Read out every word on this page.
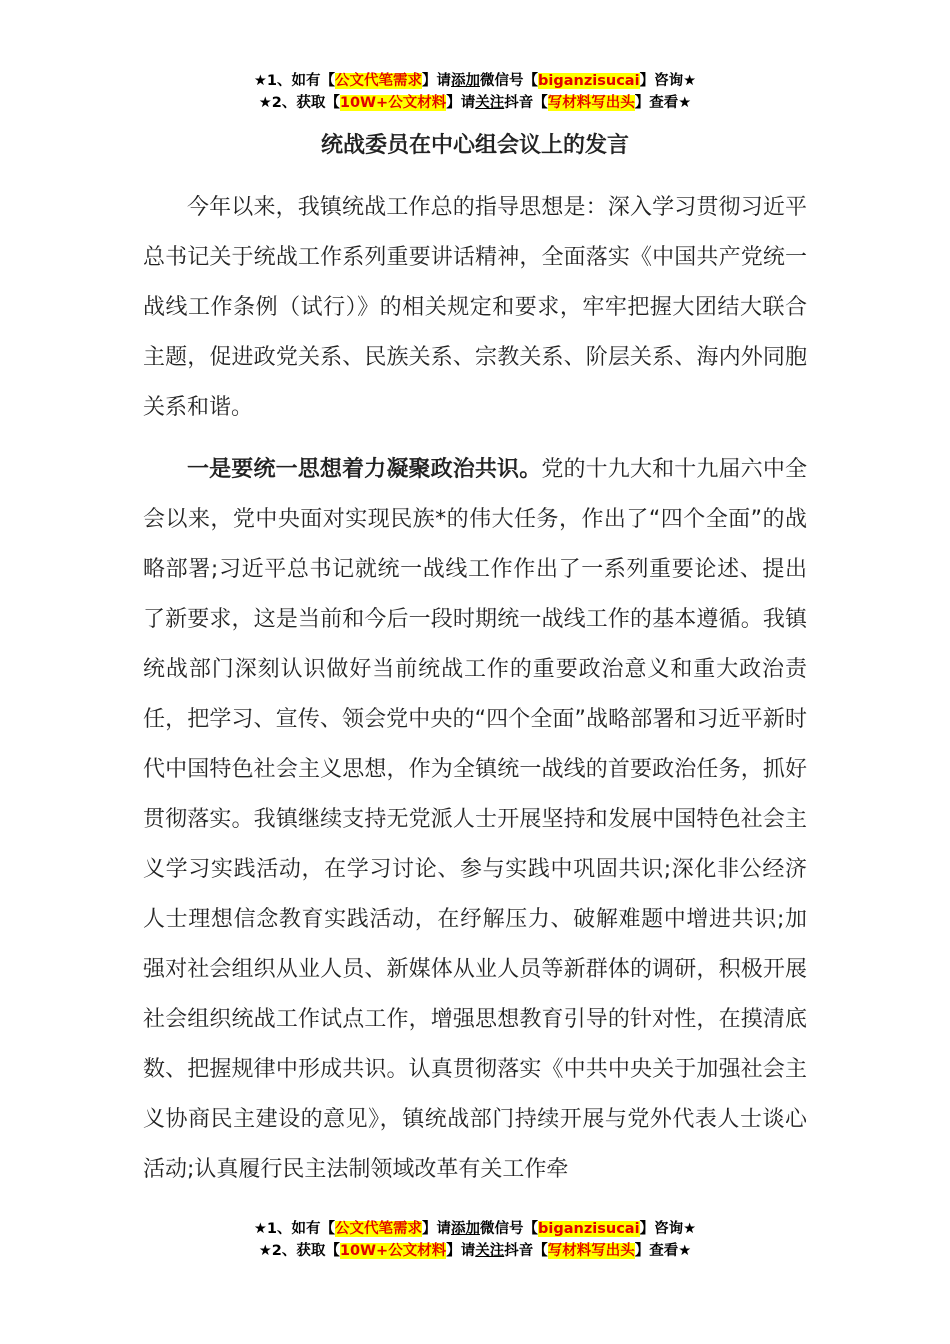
★1、如有【公文代笔需求】请添加微信号【biganzisucai】咨询★
★2、获取【10W+公文材料】请关注抖音【写材料写出头】查看★
统战委员在中心组会议上的发言

今年以来，我镇统战工作总的指导思想是：深入学习贯彻习近平总书记关于统战工作系列重要讲话精神，全面落实《中国共产党统一战线工作条例（试行）》的相关规定和要求，牢牢把握大团结大联合主题，促进政党关系、民族关系、宗教关系、阶层关系、海内外同胞关系和谐。

一是要统一思想着力凝聚政治共识。党的十九大和十九届六中全会以来，党中央面对实现民族*的伟大任务，作出了“四个全面”的战略部署;习近平总书记就统一战线工作作出了一系列重要论述、提出了新要求，这是当前和今后一段时期统一战线工作的基本遵循。我镇统战部门深刻认识做好当前统战工作的重要政治意义和重大政治责任，把学习、宣传、领会党中央的“四个全面”战略部署和习近平新时代中国特色社会主义思想，作为全镇统一战线的首要政治任务，抓好贯彻落实。我镇继续支持无党派人士开展坚持和发展中国特色社会主义学习实践活动，在学习讨论、参与实践中巩固共识;深化非公经济人士理想信念教育实践活动，在纾解压力、破解难题中增进共识;加强对社会组织从业人员、新媒体从业人员等新群体的调研，积极开展社会组织统战工作试点工作，增强思想教育引导的针对性，在摸清底数、把握规律中形成共识。认真贯彻落实《中共中央关于加强社会主义协商民主建设的意见》，镇统战部门持续开展与党外代表人士谈心活动;认真履行民主法制领域改革有关工作牵

★1、如有【公文代笔需求】请添加微信号【biganzisucai】咨询★
★2、获取【10W+公文材料】请关注抖音【写材料写出头】查看★
